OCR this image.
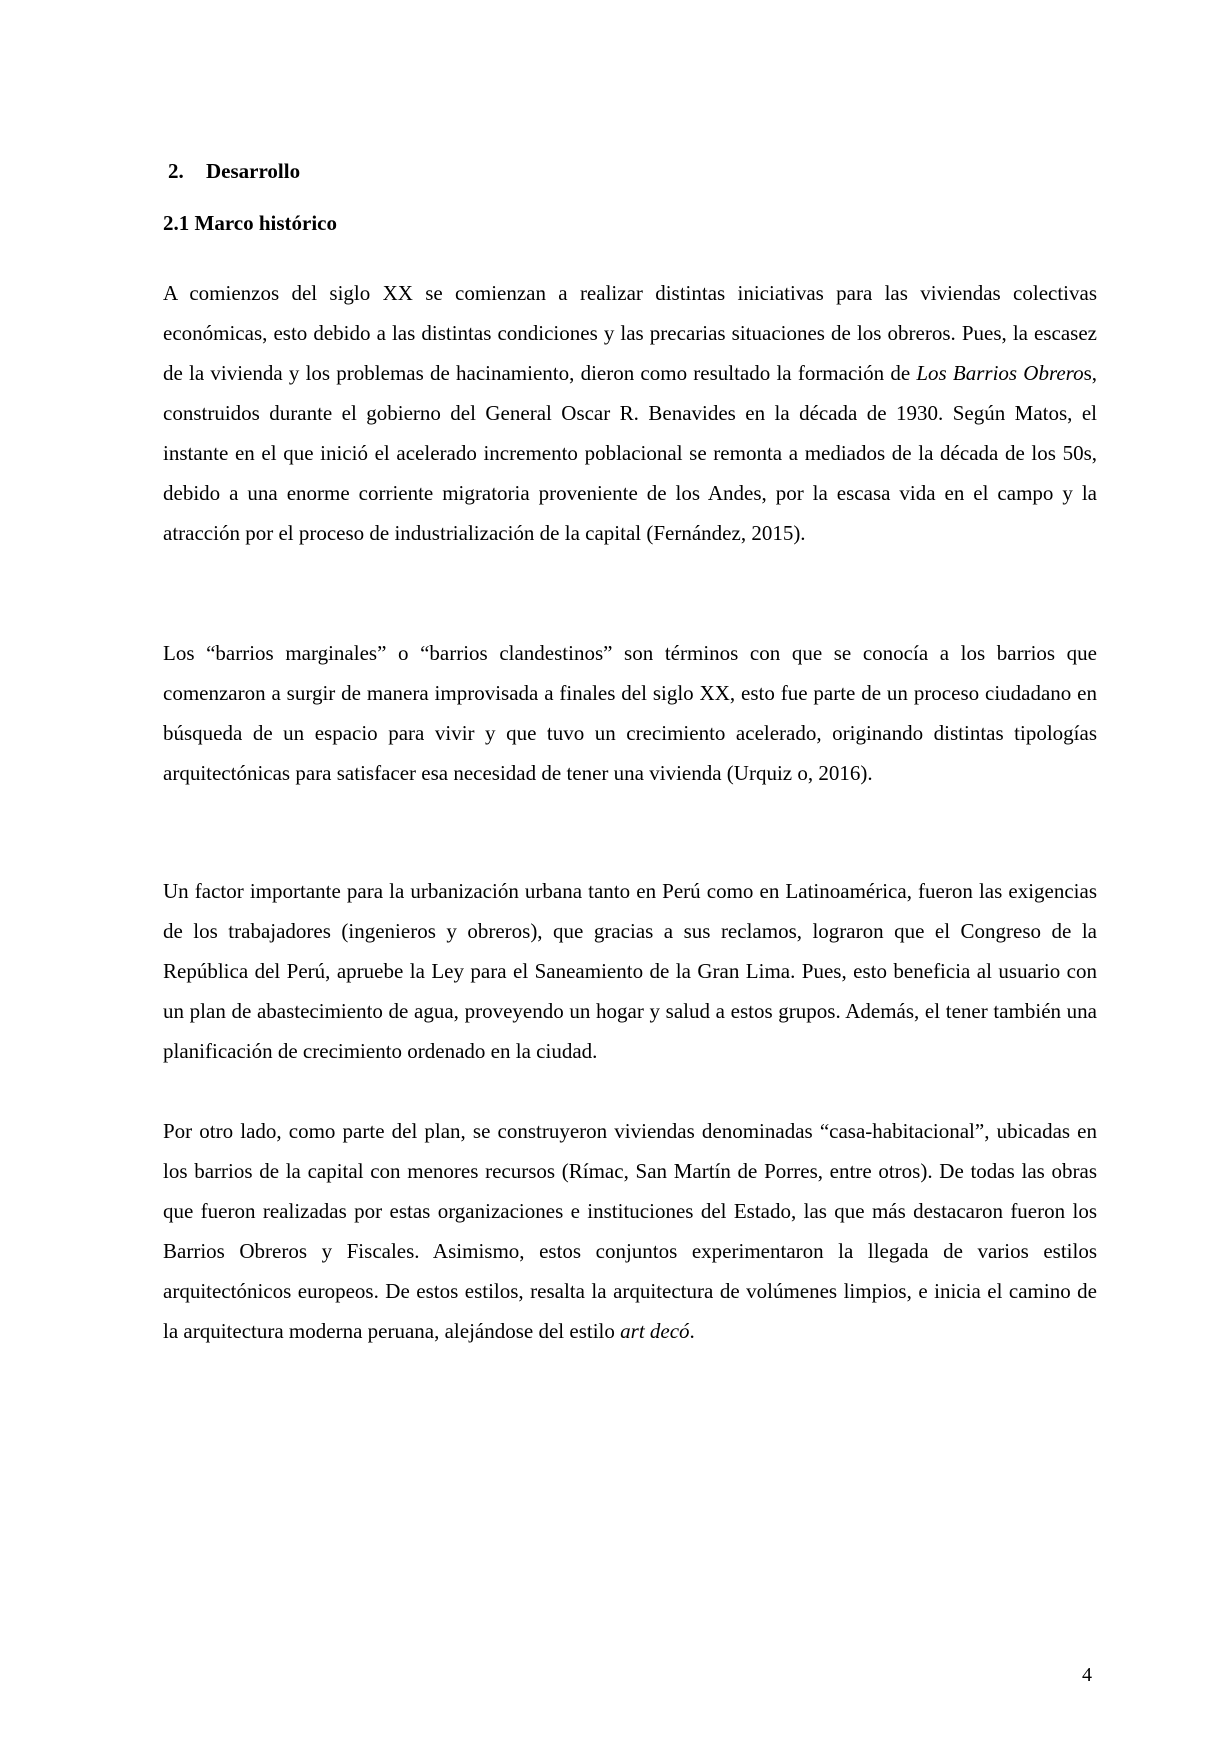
2. Desarrollo
2.1 Marco histórico

A comienzos del siglo XX se comienzan a realizar distintas iniciativas para las viviendas colectivas económicas, esto debido a las distintas condiciones y las precarias situaciones de los obreros. Pues, la escasez de la vivienda y los problemas de hacinamiento, dieron como resultado la formación de Los Barrios Obreros, construidos durante el gobierno del General Oscar R. Benavides en la década de 1930. Según Matos, el instante en el que inició el acelerado incremento poblacional se remonta a mediados de la década de los 50s, debido a una enorme corriente migratoria proveniente de los Andes, por la escasa vida en el campo y la atracción por el proceso de industrialización de la capital (Fernández, 2015).

Los “barrios marginales” o “barrios clandestinos” son términos con que se conocía a los barrios que comenzaron a surgir de manera improvisada a finales del siglo XX, esto fue parte de un proceso ciudadano en búsqueda de un espacio para vivir y que tuvo un crecimiento acelerado, originando distintas tipologías arquitectónicas para satisfacer esa necesidad de tener una vivienda (Urquiz o, 2016).

Un factor importante para la urbanización urbana tanto en Perú como en Latinoamérica, fueron las exigencias de los trabajadores (ingenieros y obreros), que gracias a sus reclamos, lograron que el Congreso de la República del Perú, apruebe la Ley para el Saneamiento de la Gran Lima. Pues, esto beneficia al usuario con un plan de abastecimiento de agua, proveyendo un hogar y salud a estos grupos. Además, el tener también una planificación de crecimiento ordenado en la ciudad.

Por otro lado, como parte del plan, se construyeron viviendas denominadas “casa-habitacional”, ubicadas en los barrios de la capital con menores recursos (Rímac, San Martín de Porres, entre otros). De todas las obras que fueron realizadas por estas organizaciones e instituciones del Estado, las que más destacaron fueron los Barrios Obreros y Fiscales. Asimismo, estos conjuntos experimentaron la llegada de varios estilos arquitectónicos europeos. De estos estilos, resalta la arquitectura de volúmenes limpios, e inicia el camino de la arquitectura moderna peruana, alejándose del estilo art decó.

4
